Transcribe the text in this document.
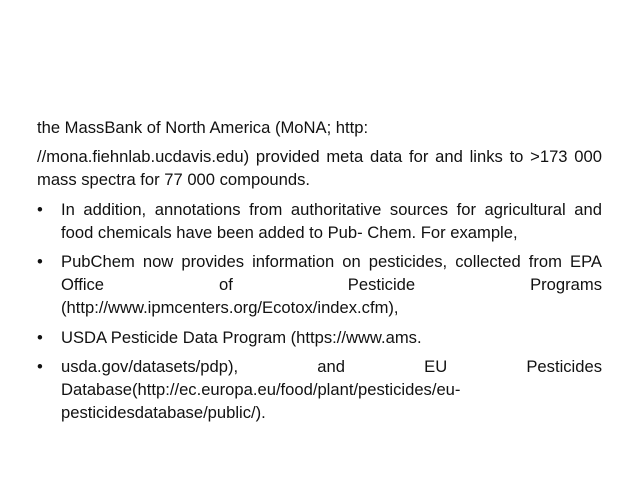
the MassBank of North America (MoNA; http:

//mona.fiehnlab.ucdavis.edu) provided meta data for and links to >173 000 mass spectra for 77 000 compounds.

•	In addition, annotations from authoritative sources for agricultural and food chemicals have been added to Pub- Chem. For example,
•	PubChem now provides information on pesticides, collected from EPA Office of Pesticide Programs (http://www.ipmcenters.org/Ecotox/index.cfm),
•	USDA Pesticide Data Program (https://www.ams.
•	usda.gov/datasets/pdp), and EU Pesticides Database(http://ec.europa.eu/food/plant/pesticides/eu- pesticidesdatabase/public/).
